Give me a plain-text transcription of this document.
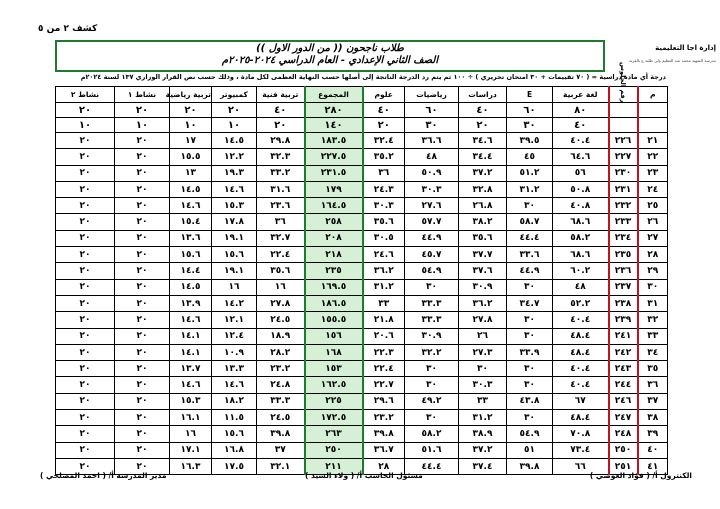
كشف ٢ من ٥
إدارة اجا التعليمية
مدرسة الشهيد محمد عبد العظيم ولي طلبة ع بالقرية
طلاب ناجحون (( من الدور الاول ))
الصف الثاني الإعدادي - العام الدراسي ٢٠٢٤-٢٠٢٥م
درجة أي مادة دراسية = ( ٧٠ تقييمات + ٣٠ امتحان تحريري ) ÷ ١٠٠ ثم يتم رد الدرجة الناتجة إلى أصلها حسب النهاية العظمى لكل مادة ، وذلك حسب نص القرار الوزاري ١٣٧ لسنة ٢٠٢٤م
م	رقم الجلوس	لغة عربية	E	دراسات	رياضيات	علوم	المجموع	تربية فنية	كمبيوتر	تربية رياضية	نشاط ١	نشاط ٢
		٨٠	٦٠	٤٠	٦٠	٤٠	٢٨٠	٤٠	٢٠	٢٠	٢٠	٢٠
		٤٠	٣٠	٢٠	٣٠	٢٠	١٤٠	٢٠	١٠	١٠	١٠	١٠
٢١	٢٢٦	٤٠.٤	٣٩.٥	٣٤.٦	٣٦.٦	٣٢.٤	١٨٣.٥	٢٩.٨	١٤.٥	١٧	٢٠	٢٠
٢٢	٢٢٧	٦٤.٦	٤٥	٣٤.٤	٤٨	٣٥.٢	٢٢٧.٥	٣٢.٣	١٢.٢	١٥.٥	٢٠	٢٠
٢٣	٢٣٠	٥٦	٥١.٢	٣٧.٢	٥٠.٩	٣٦	٢٣١.٥	٣٣.٢	١٩.٣	١٣	٢٠	٢٠
٢٤	٢٣١	٥٠.٨	٣١.٢	٣٢.٨	٣٠.٣	٢٤.٣	١٧٩	٣١.٦	١٤.٦	١٤.٥	٢٠	٢٠
٢٥	٢٣٢	٤٠.٨	٣٠	٢٦.٨	٢٧.٦	٣٠.٣	١٦٤.٥	٢٣.٦	١٥.٣	١٤.٦	٢٠	٢٠
٢٦	٢٣٣	٦٨.٦	٥٨.٧	٣٨.٢	٥٧.٧	٣٥.٦	٢٥٨	٣٦	١٧.٨	١٥.٤	٢٠	٢٠
٢٧	٢٣٤	٥٨.٢	٤٤.٤	٣٥.٦	٤٤.٩	٣٠.٥	٢٠٨	٣٢.٧	١٩.١	١٣.٦	٢٠	٢٠
٢٨	٢٣٥	٦٨.٦	٣٣.٦	٣٧.٧	٤٥.٧	٢٤.٦	٢١٨	٢٢.٤	١٥.٦	١٥.٦	٢٠	٢٠
٢٩	٢٣٦	٦٠.٢	٤٤.٩	٣٧.٦	٥٤.٩	٣٦.٢	٢٣٥	٣٥.٦	١٩.١	١٤.٤	٢٠	٢٠
٣٠	٢٣٧	٤٨	٣٠	٣٠.٩	٣٠	٣١.٢	١٦٩.٥	١٦	١٦	١٤.٥	٢٠	٢٠
٣١	٢٣٨	٥٢.٢	٣٤.٧	٣٦.٢	٣٣.٣	٣٣	١٨٦.٥	٢٧.٨	١٤.٢	١٣.٩	٢٠	٢٠
٣٢	٢٣٩	٤٠.٤	٣٠	٢٧.٨	٣٣.٣	٢١.٨	١٥٥.٥	٢٤.٥	١٢.١	١٤.٦	٢٠	٢٠
٣٣	٢٤١	٤٨.٤	٣٠	٢٦	٣٠.٩	٢٠.٦	١٥٦	١٨.٩	١٢.٤	١٤.١	٢٠	٢٠
٣٤	٢٤٢	٤٨.٤	٣٣.٩	٢٧.٣	٣٢.٢	٢٢.٣	١٦٨	٢٨.٢	١٠.٩	١٤.١	٢٠	٢٠
٣٥	٢٤٣	٤٠.٤	٣٠	٣٠	٣٠	٢٢.٤	١٥٣	٢٣.٢	١٣.٣	١٣.٧	٢٠	٢٠
٣٦	٢٤٤	٤٠.٤	٣٠	٣٠.٣	٣٠	٢٢.٧	١٦٢.٥	٢٤.٨	١٤.٦	١٤.٦	٢٠	٢٠
٣٧	٢٤٦	٦٧	٤٣.٨	٣٣	٤٩.٢	٢٩.٦	٢٢٥	٣٣.٣	١٨.٢	١٥.٣	٢٠	٢٠
٣٨	٢٤٧	٤٨.٤	٣٠	٣١.٢	٣٠	٢٣.٢	١٧٢.٥	٢٤.٥	١١.٥	١٦.١	٢٠	٢٠
٣٩	٢٤٨	٧٠.٨	٥٤.٩	٣٨.٩	٥٨.٢	٣٩.٨	٢٦٣	٣٩.٨	١٥.٦	١٦	٢٠	٢٠
٤٠	٢٥٠	٧٣.٤	٥١	٣٧.٢	٥١.٦	٣٦.٧	٢٥٠	٣٧	١٦.٨	١٧.١	٢٠	٢٠
٤١	٢٥١	٦٦	٣٩.٨	٣٧.٤	٤٤.٤	٢٨	٢١١	٣٢.١	١٧.٥	١٦.٣	٢٠	٢٠
الكنترول أ/ ( فؤاد العوضي )
مسئول الحاسب أ/ ( ولاء السيد )
مدير المدرسة أ/ ( احمد المصلحي )
